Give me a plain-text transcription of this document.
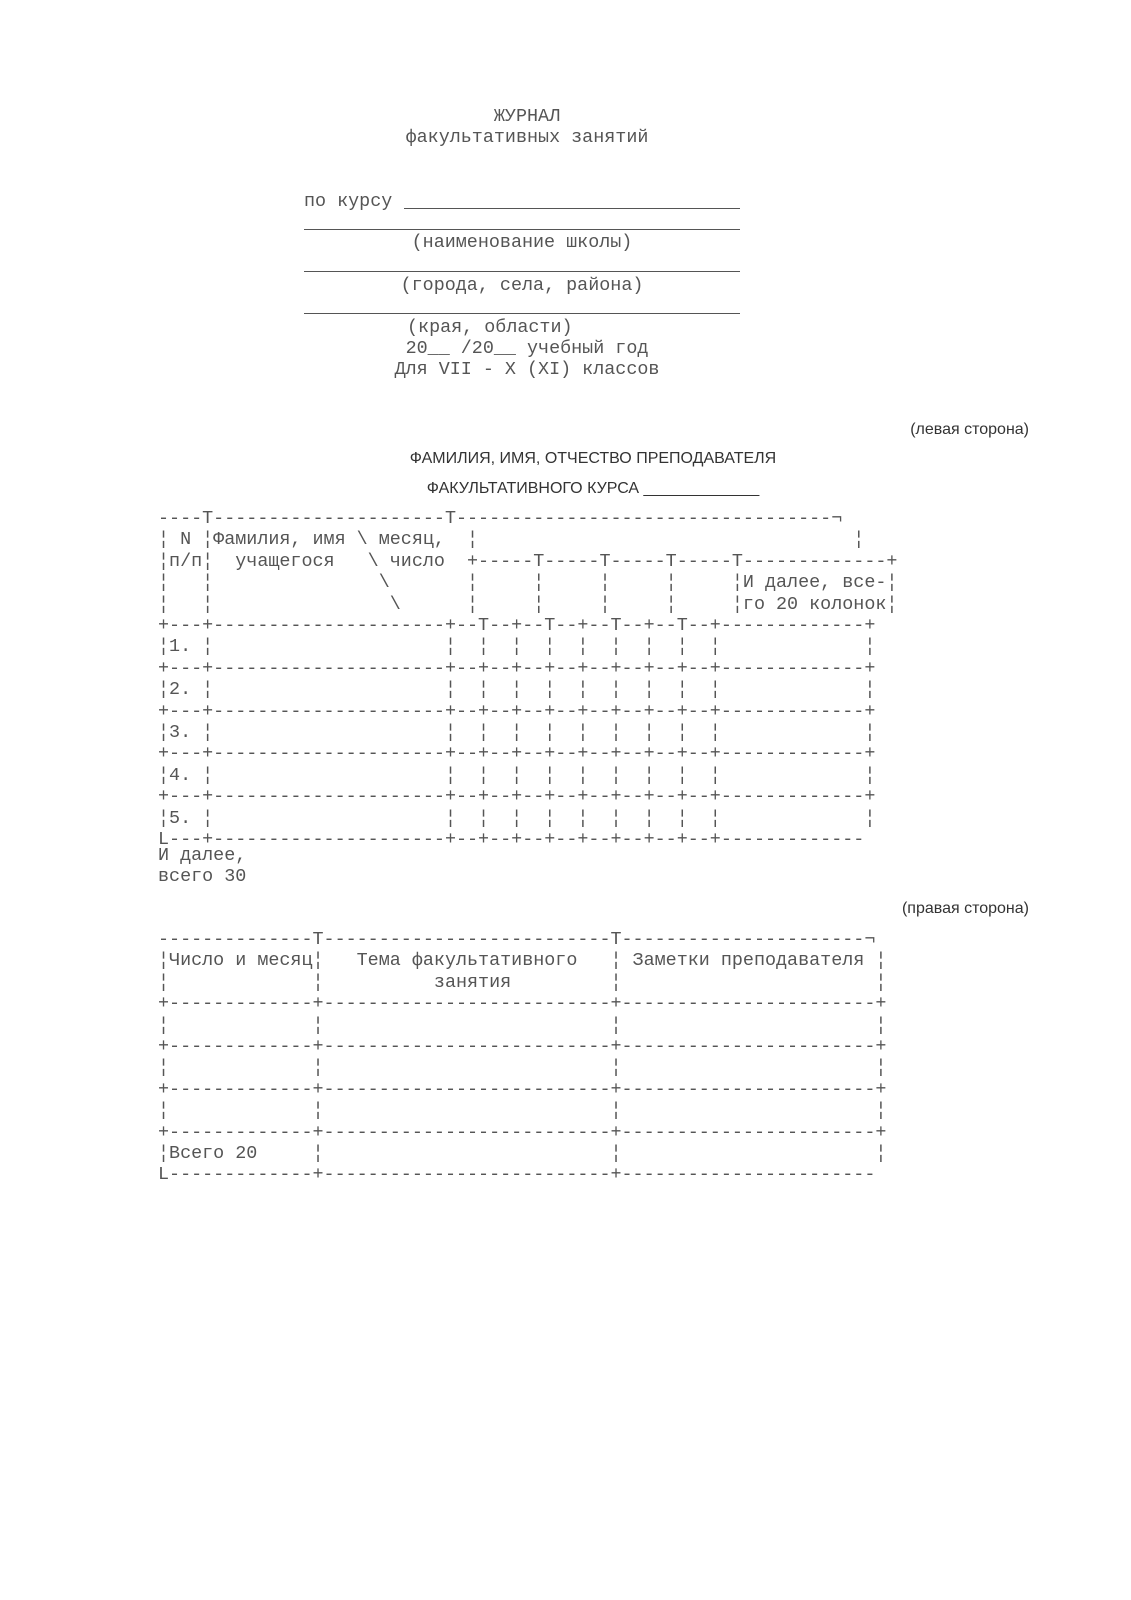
ЖУРНАЛ
факультативных занятий
по курсу
(наименование школы)
(города, села, района)
(края, области)
20__ /20__ учебный год
Для VII - X (XI) классов
(левая сторона)
ФАМИЛИЯ, ИМЯ, ОТЧЕСТВО ПРЕПОДАВАТЕЛЯ
ФАКУЛЬТАТИВНОГО КУРСА _____________
----T---------------------T----------------------------------¬
¦ N ¦Фамилия, имя \ месяц,  ¦                                  ¦
¦п/п¦  учащегося   \ число  +-----T-----T-----T-----T-------------+
¦   ¦               \       ¦     ¦     ¦     ¦     ¦И далее, все-¦
¦   ¦                \      ¦     ¦     ¦     ¦     ¦го 20 колонок¦
+---+---------------------+--T--+--T--+--T--+--T--+-------------+
¦1. ¦                     ¦  ¦  ¦  ¦  ¦  ¦  ¦  ¦  ¦             ¦
+---+---------------------+--+--+--+--+--+--+--+--+-------------+
¦2. ¦                     ¦  ¦  ¦  ¦  ¦  ¦  ¦  ¦  ¦             ¦
+---+---------------------+--+--+--+--+--+--+--+--+-------------+
¦3. ¦                     ¦  ¦  ¦  ¦  ¦  ¦  ¦  ¦  ¦             ¦
+---+---------------------+--+--+--+--+--+--+--+--+-------------+
¦4. ¦                     ¦  ¦  ¦  ¦  ¦  ¦  ¦  ¦  ¦             ¦
+---+---------------------+--+--+--+--+--+--+--+--+-------------+
¦5. ¦                     ¦  ¦  ¦  ¦  ¦  ¦  ¦  ¦  ¦             ¦
L---+---------------------+--+--+--+--+--+--+--+--+-------------
И далее,
всего 30
(правая сторона)
--------------T--------------------------T----------------------¬
¦Число и месяц¦   Тема факультативного   ¦ Заметки преподавателя ¦
¦             ¦          занятия         ¦                       ¦
+-------------+--------------------------+-----------------------+
¦             ¦                          ¦                       ¦
+-------------+--------------------------+-----------------------+
¦             ¦                          ¦                       ¦
+-------------+--------------------------+-----------------------+
¦             ¦                          ¦                       ¦
+-------------+--------------------------+-----------------------+
¦Всего 20     ¦                          ¦                       ¦
L-------------+--------------------------+-----------------------
